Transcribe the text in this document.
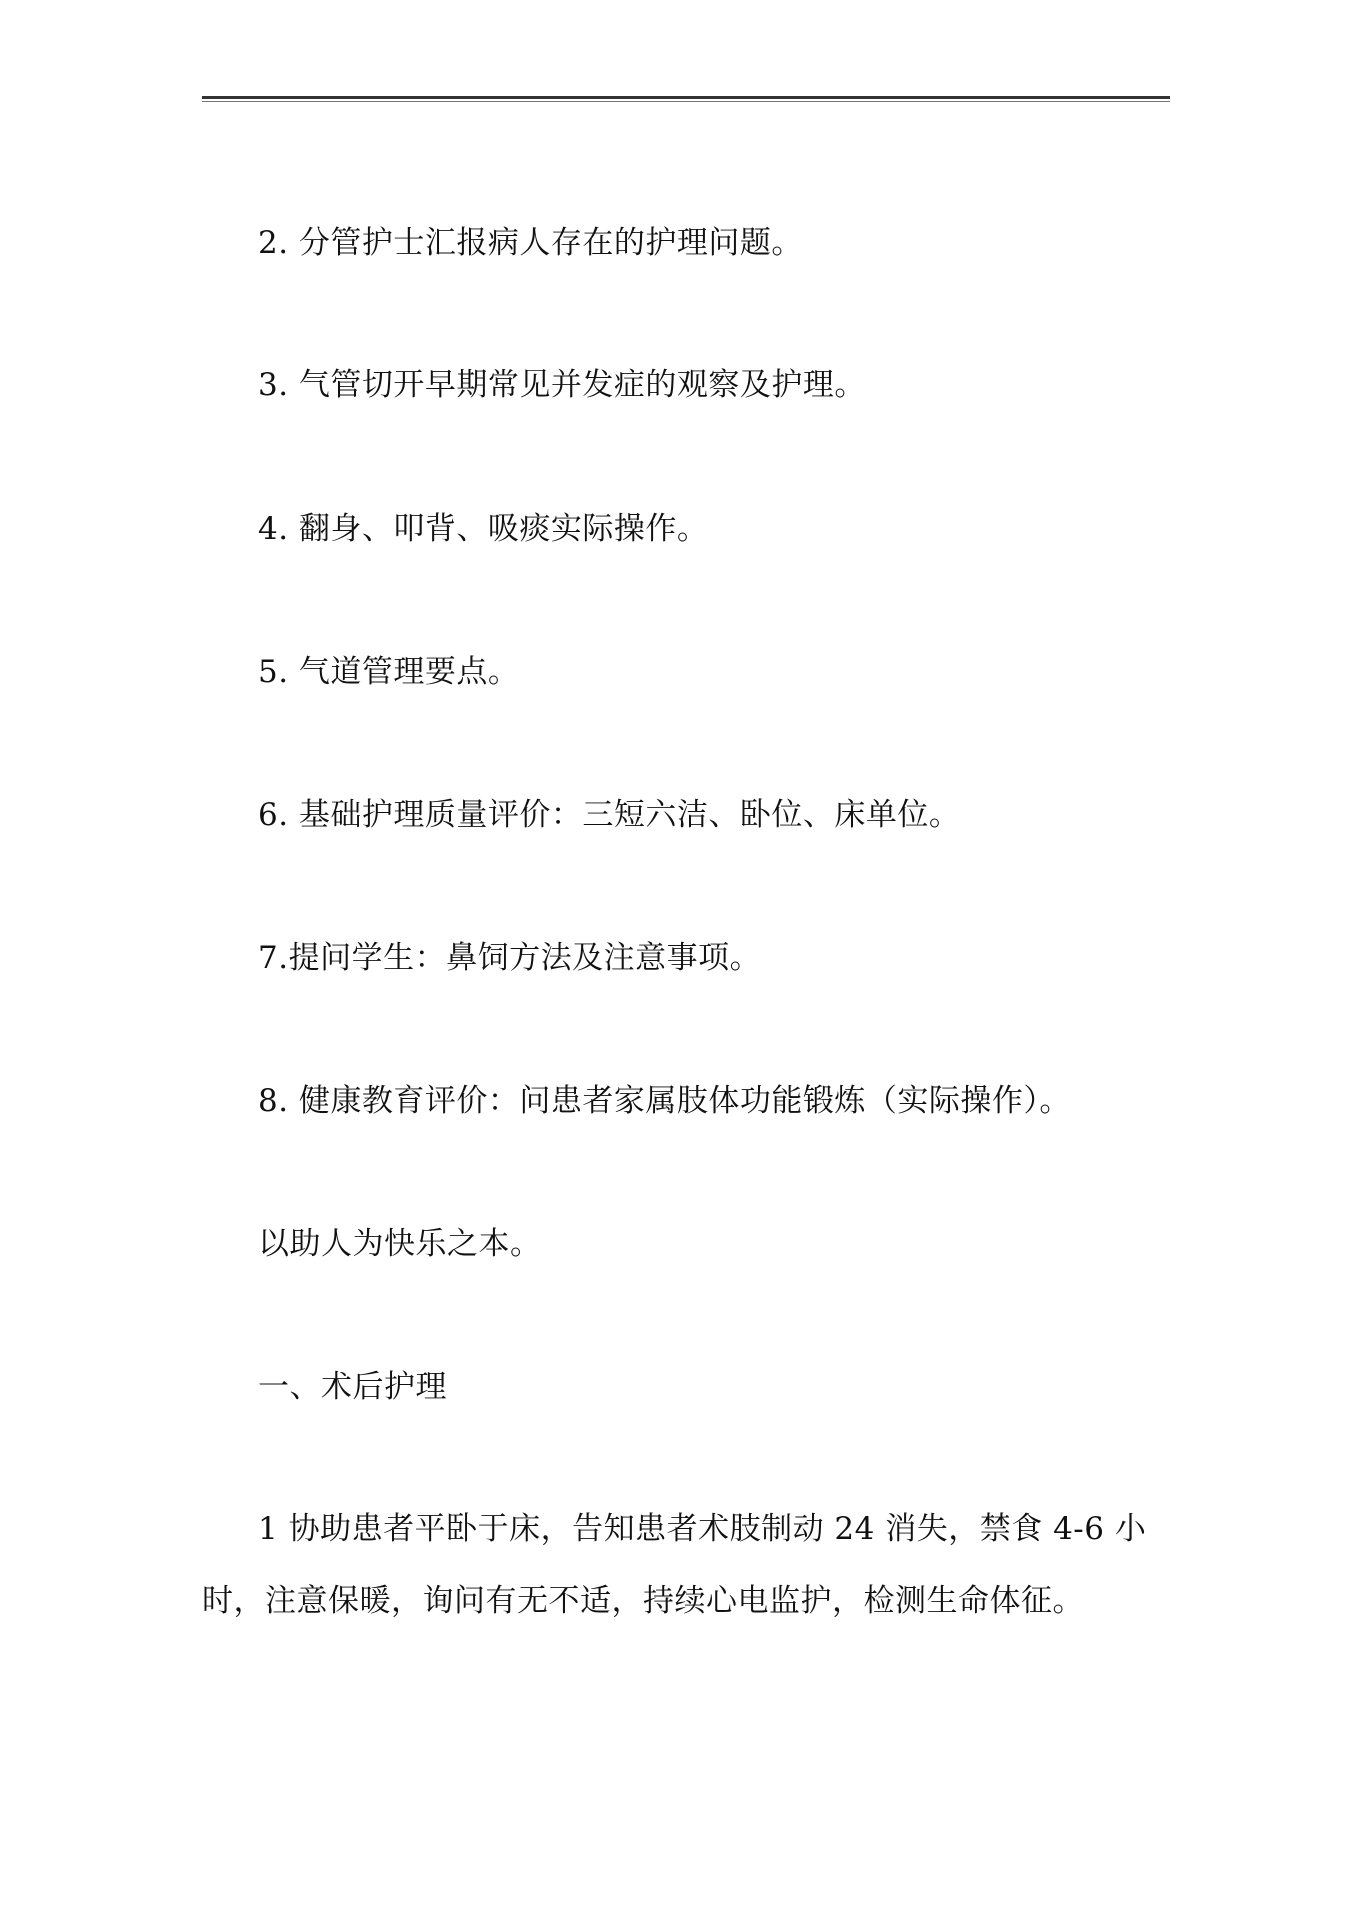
2. 分管护士汇报病人存在的护理问题。
3. 气管切开早期常见并发症的观察及护理。
4. 翻身、叩背、吸痰实际操作。
5. 气道管理要点。
6. 基础护理质量评价：三短六洁、卧位、床单位。
7.提问学生：鼻饲方法及注意事项。
8. 健康教育评价：问患者家属肢体功能锻炼（实际操作）。
以助人为快乐之本。
一、术后护理
1 协助患者平卧于床，告知患者术肢制动 24 消失，禁食 4-6 小
时，注意保暖，询问有无不适，持续心电监护，检测生命体征。
